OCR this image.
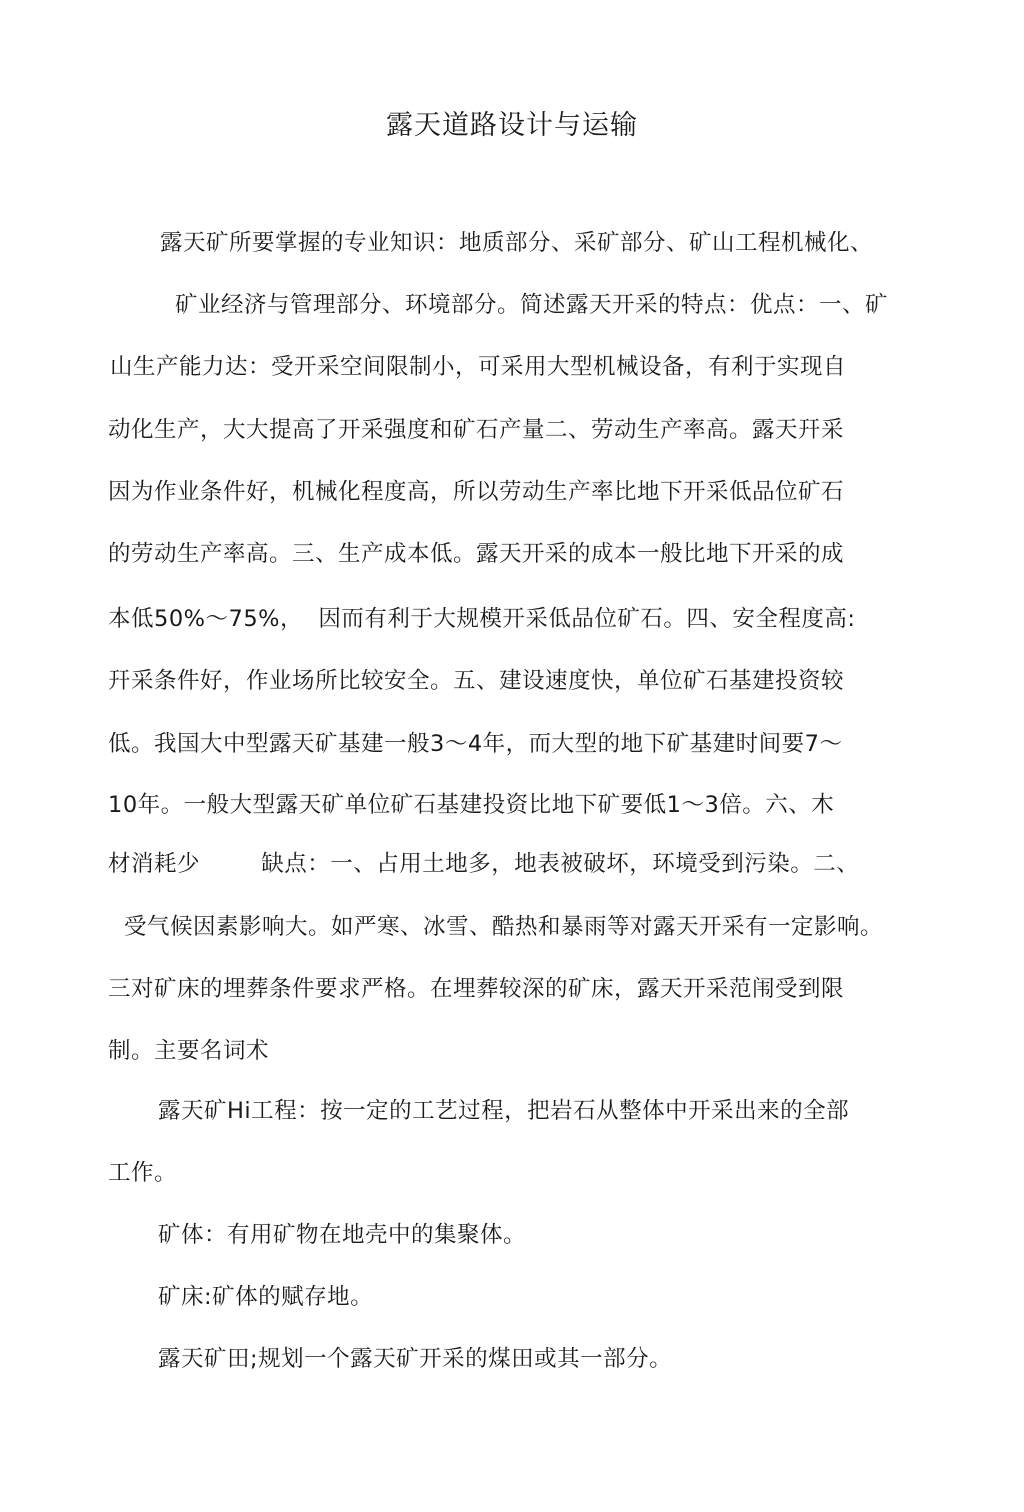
露天道路设计与运输
露天矿所要掌握的专业知识：地质部分、采矿部分、矿山工程机械化、
矿业经济与管理部分、环境部分。简述露天开采的特点：优点：一、矿
山生产能力达：受开采空间限制小，可采用大型机械设备，有利于实现自
动化生产，大大提高了开采强度和矿石产量二、劳动生产率高。露天幵采
因为作业条件好，机械化程度高，所以劳动生产率比地下开采低品位矿石
的劳动生产率高。三、生产成本低。露天开采的成本一般比地下开采的成
本低50%～75%，  因而有利于大规模开采低品位矿石。四、安全程度高:
幵采条件好，作业场所比较安全。五、建设速度快，单位矿石基建投资较
低。我国大中型露天矿基建一般3～4年，而大型的地下矿基建时间要7～
10年。一般大型露天矿单位矿石基建投资比地下矿要低1～3倍。六、木
材消耗少        缺点：一、占用土地多，地表被破坏，环境受到污染。二、
受气候因素影响大。如严寒、冰雪、酷热和暴雨等对露天开采有一定影响。
三对矿床的埋葬条件要求严格。在埋葬较深的矿床，露天开采范闱受到限
制。主要名词术
露天矿Hi工程：按一定的工艺过程，把岩石从整体中开采出来的全部
工作。
矿体：有用矿物在地壳中的集聚体。
矿床:矿体的赋存地。
露天矿田;规划一个露天矿开采的煤田或其一部分。
